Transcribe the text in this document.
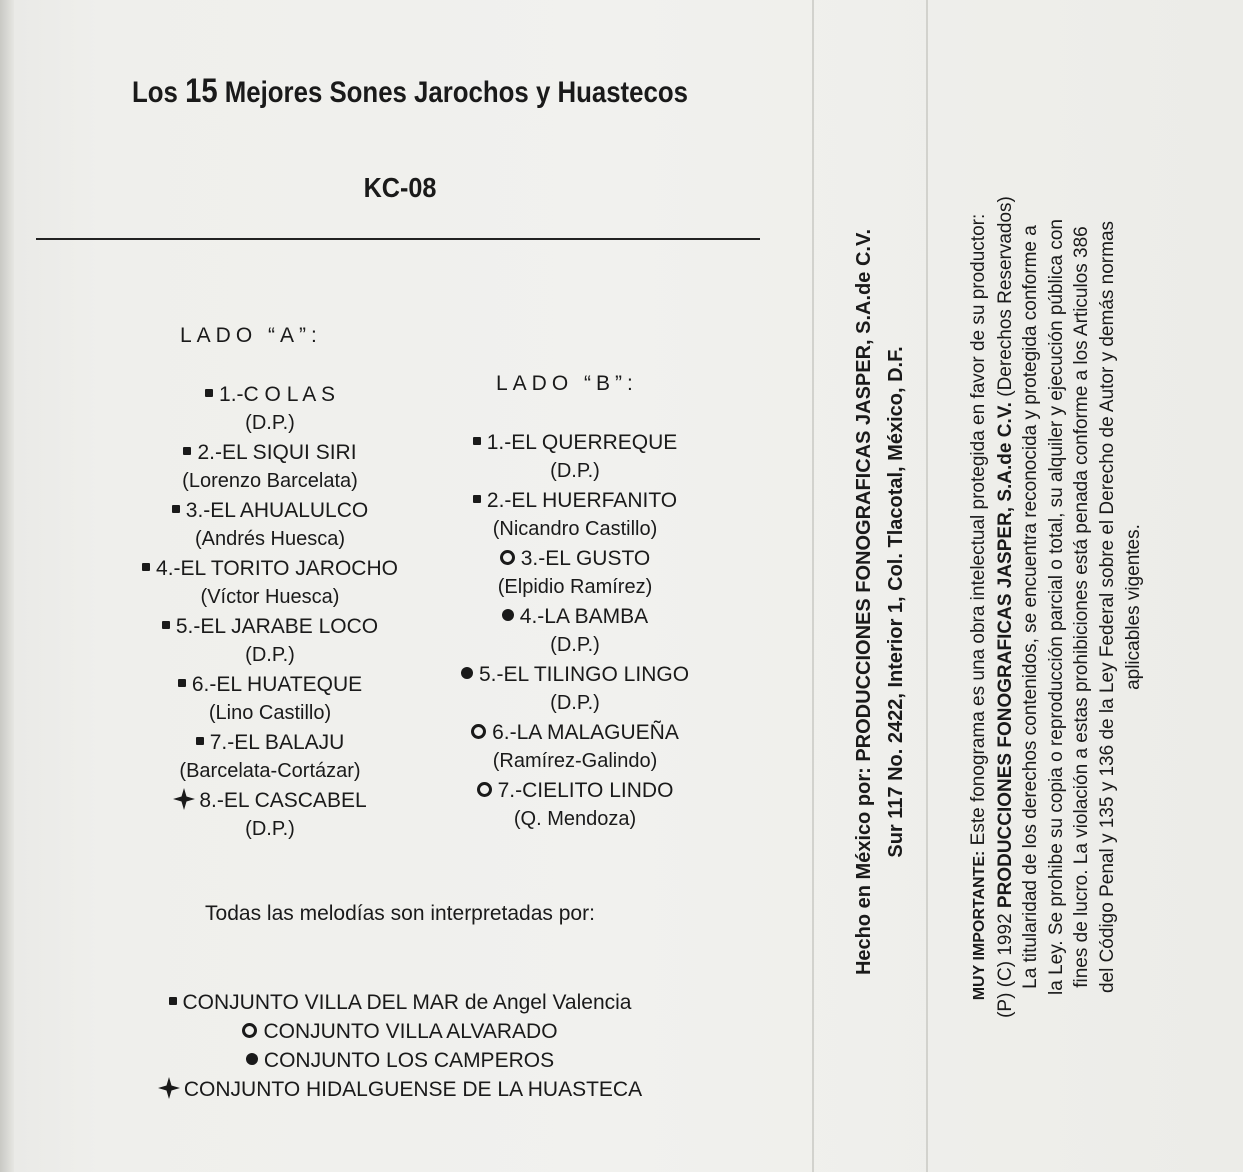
Los 15 Mejores Sones Jarochos y Huastecos
KC-08
LADO “A”:
LADO “B”:
1.-C O L A S
(D.P.)
2.-EL SIQUI SIRI
(Lorenzo Barcelata)
3.-EL AHUALULCO
(Andrés Huesca)
4.-EL TORITO JAROCHO
(Víctor Huesca)
5.-EL JARABE LOCO
(D.P.)
6.-EL HUATEQUE
(Lino Castillo)
7.-EL BALAJU
(Barcelata-Cortázar)
8.-EL CASCABEL
(D.P.)
1.-EL QUERREQUE
(D.P.)
2.-EL HUERFANITO
(Nicandro Castillo)
3.-EL GUSTO
(Elpidio Ramírez)
4.-LA BAMBA
(D.P.)
5.-EL TILINGO LINGO
(D.P.)
6.-LA MALAGUEÑA
(Ramírez-Galindo)
7.-CIELITO LINDO
(Q. Mendoza)
Todas las melodías son interpretadas por:
CONJUNTO VILLA DEL MAR de Angel Valencia
CONJUNTO VILLA ALVARADO
CONJUNTO LOS CAMPEROS
CONJUNTO HIDALGUENSE DE LA HUASTECA
Hecho en México por: PRODUCCIONES FONOGRAFICAS JASPER, S.A.de C.V. Sur 117 No. 2422, Interior 1, Col. Tlacotal, México, D.F.
MUY IMPORTANTE: Este fonograma es una obra intelectual protegida en favor de su productor:
(P) (C) 1992 PRODUCCIONES FONOGRAFICAS JASPER, S.A.de C.V. (Derechos Reservados) La titularidad de los derechos contenidos, se encuentra reconocida y protegida conforme a la Ley. Se prohibe su copia o reproducción parcial o total, su alquiler y ejecución pública con fines de lucro. La violación a estas prohibiciones está penada conforme a los Articulos 386 del Código Penal y 135 y 136 de la Ley Federal sobre el Derecho de Autor y demás normas aplicables vigentes.
